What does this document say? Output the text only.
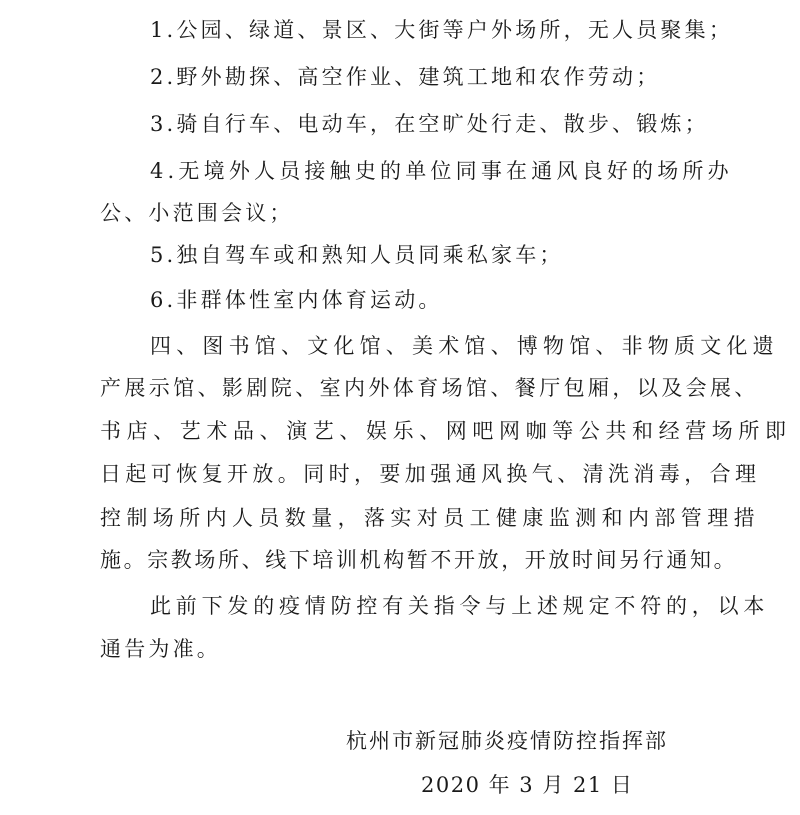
1.公园、绿道、景区、大街等户外场所，无人员聚集；
2.野外勘探、高空作业、建筑工地和农作劳动；
3.骑自行车、电动车，在空旷处行走、散步、锻炼；
4.无境外人员接触史的单位同事在通风良好的场所办
公、小范围会议；
5.独自驾车或和熟知人员同乘私家车；
6.非群体性室内体育运动。
四、图书馆、文化馆、美术馆、博物馆、非物质文化遗
产展示馆、影剧院、室内外体育场馆、餐厅包厢，以及会展、
书店、艺术品、演艺、娱乐、网吧网咖等公共和经营场所即
日起可恢复开放。同时，要加强通风换气、清洗消毒，合理
控制场所内人员数量，落实对员工健康监测和内部管理措
施。宗教场所、线下培训机构暂不开放，开放时间另行通知。
此前下发的疫情防控有关指令与上述规定不符的，以本
通告为准。
杭州市新冠肺炎疫情防控指挥部
2020 年 3 月 21 日
